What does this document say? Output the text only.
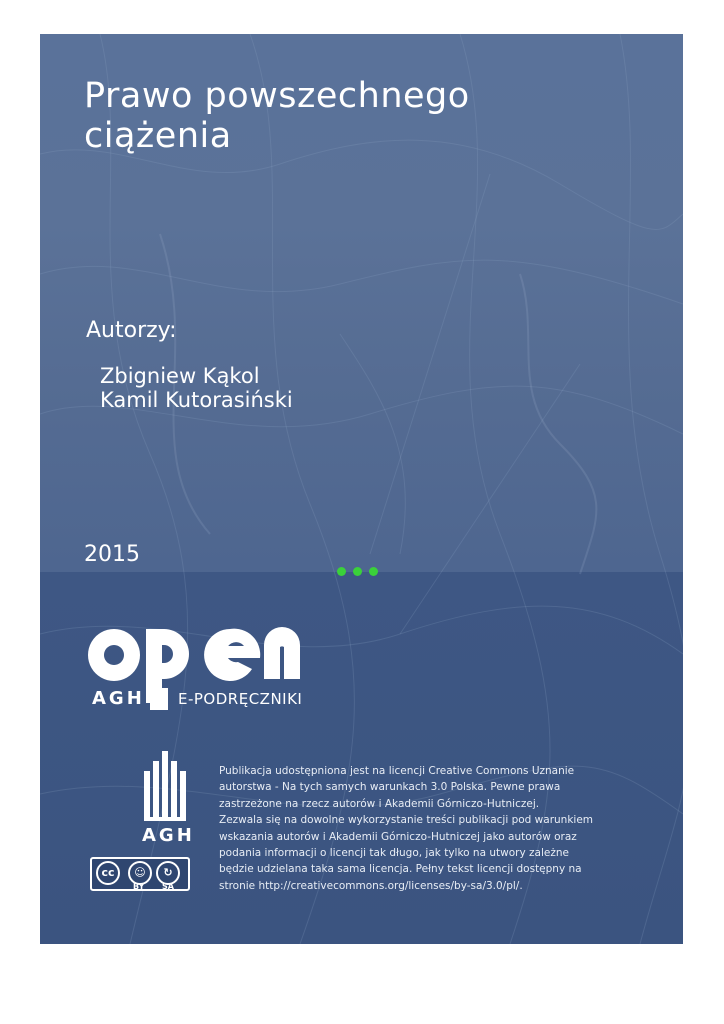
Prawo powszechnego
ciążenia
Autorzy:
Zbigniew Kąkol
Kamil Kutorasiński
2015
AGH E-PODRĘCZNIKI
AGH
cc	☺	↻
BY SA
Publikacja udostępniona jest na licencji Creative Commons Uznanie
autorstwa - Na tych samych warunkach 3.0 Polska. Pewne prawa
zastrzeżone na rzecz autorów i Akademii Górniczo-Hutniczej.
Zezwala się na dowolne wykorzystanie treści publikacji pod warunkiem
wskazania autorów i Akademii Górniczo-Hutniczej jako autorów oraz
podania informacji o licencji tak długo, jak tylko na utwory zależne
będzie udzielana taka sama licencja. Pełny tekst licencji dostępny na
stronie http://creativecommons.org/licenses/by-sa/3.0/pl/.
